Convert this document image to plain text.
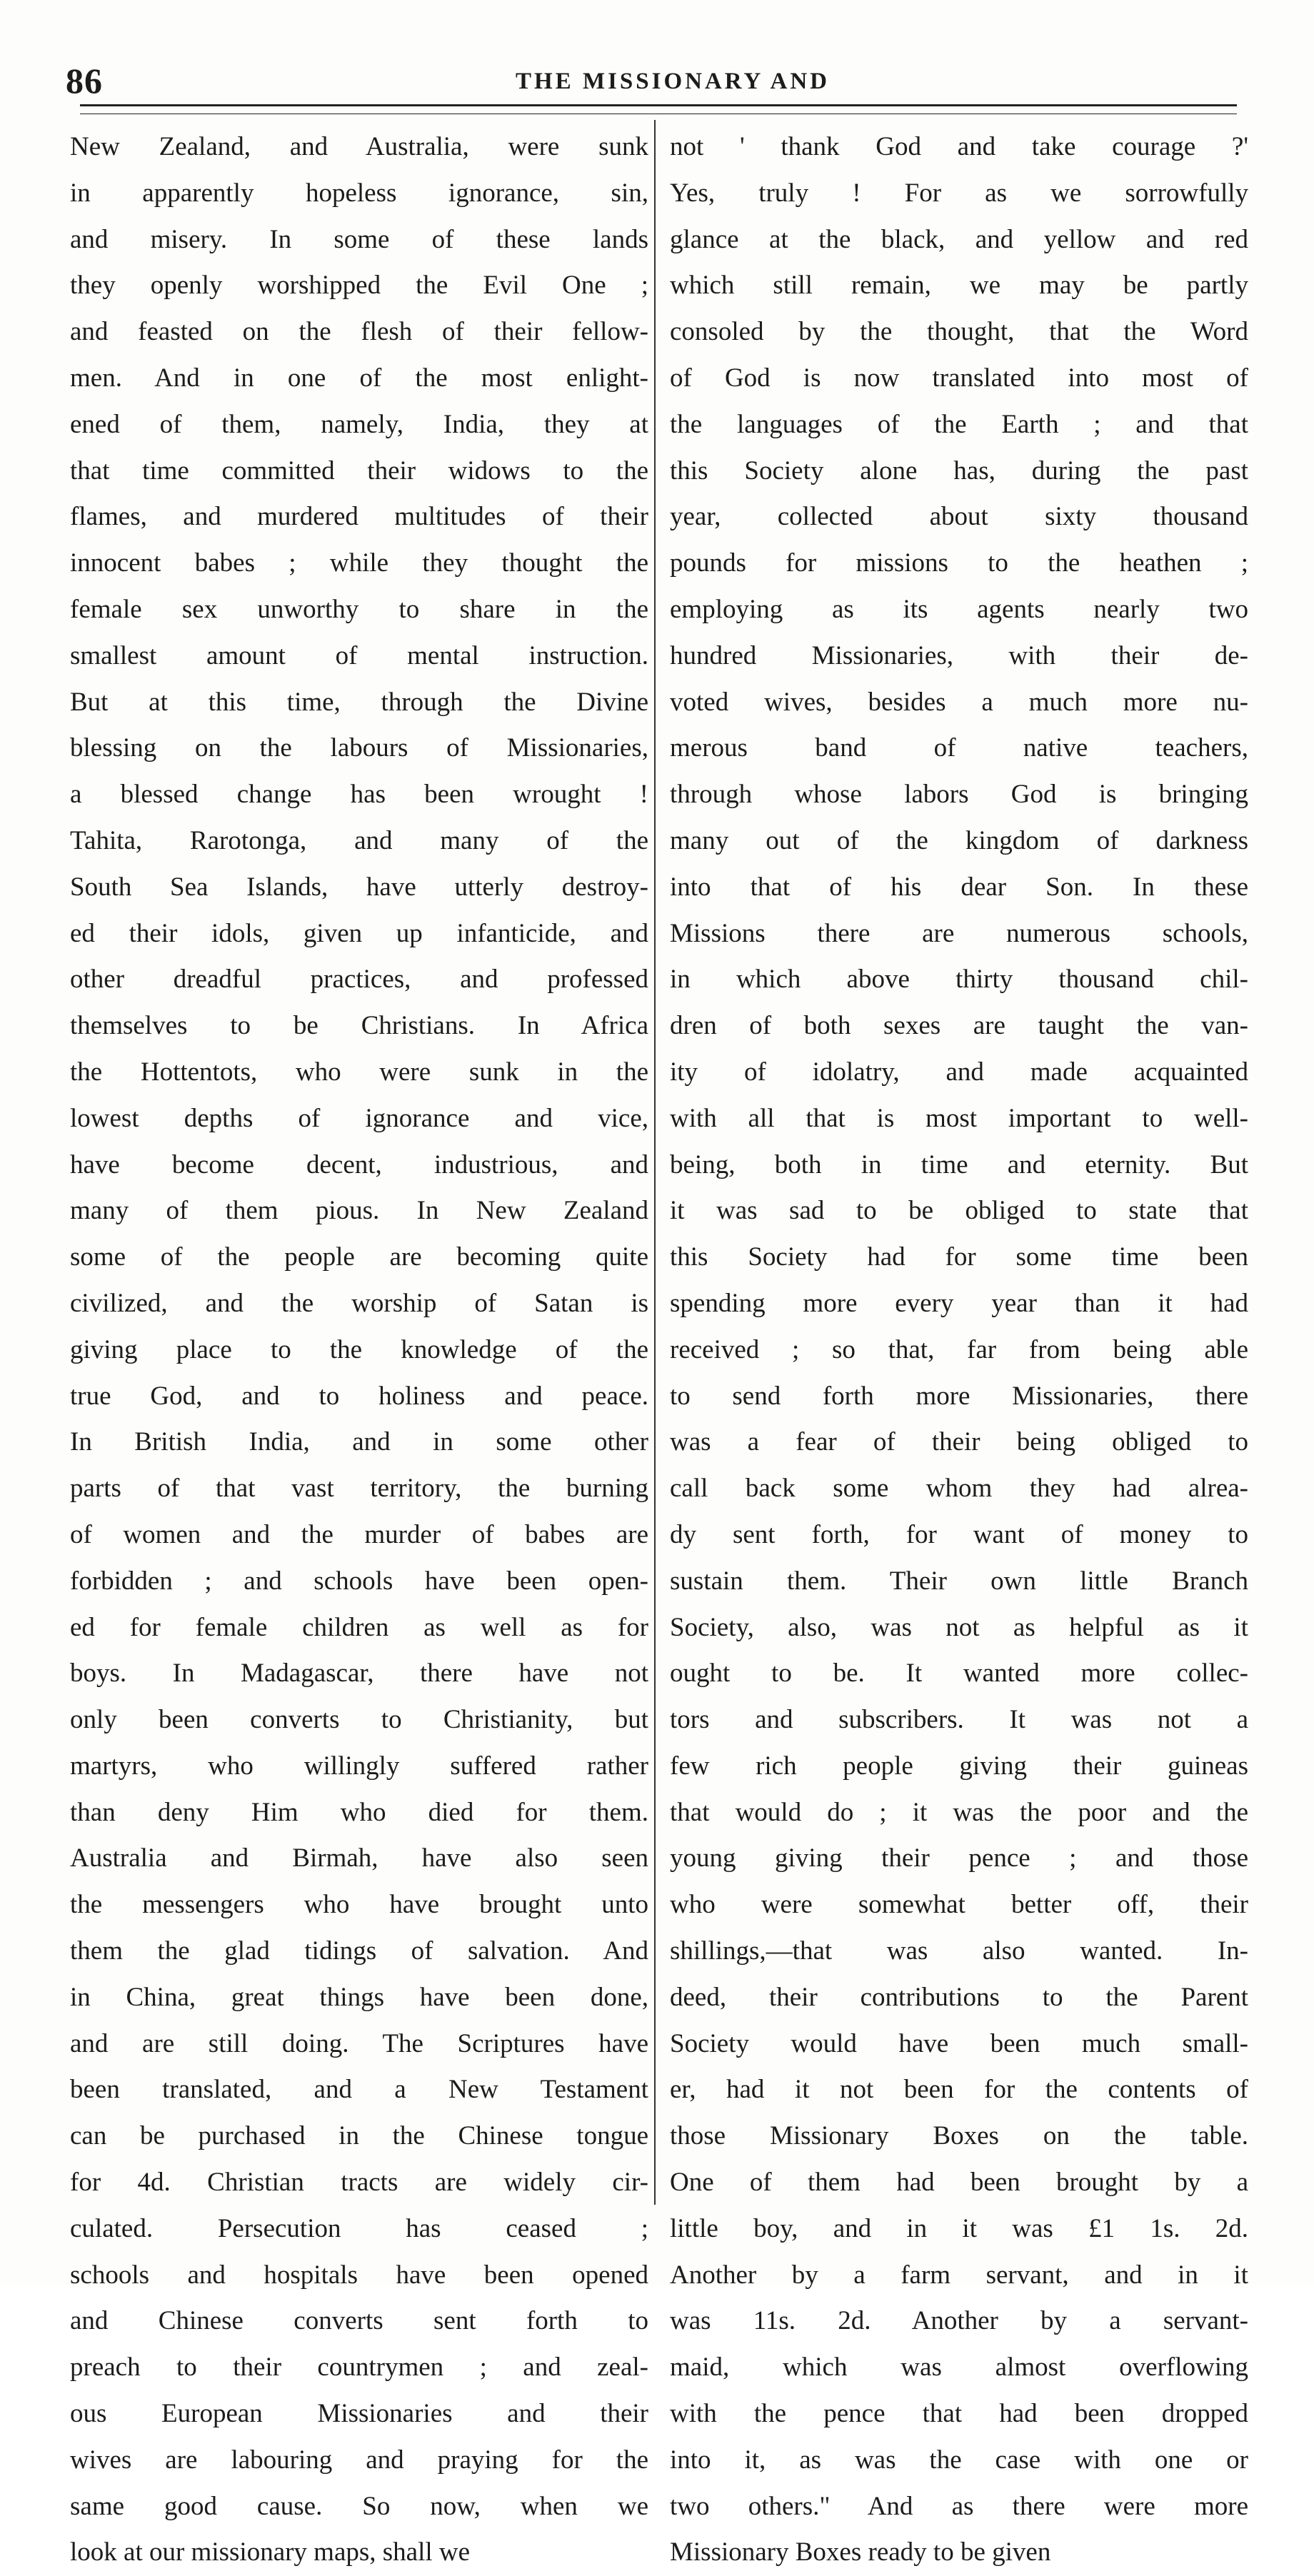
86	THE MISSIONARY AND
New Zealand, and Australia, were sunk
in apparently hopeless ignorance, sin,
and misery. In some of these lands
they openly worshipped the Evil One ;
and feasted on the flesh of their fellow-
men. And in one of the most enlight-
ened of them, namely, India, they at
that time committed their widows to the
flames, and murdered multitudes of their
innocent babes ; while they thought the
female sex unworthy to share in the
smallest amount of mental instruction.
But at this time, through the Divine
blessing on the labours of Missionaries,
a blessed change has been wrought !
Tahita, Rarotonga, and many of the
South Sea Islands, have utterly destroy-
ed their idols, given up infanticide, and
other dreadful practices, and professed
themselves to be Christians. In Africa
the Hottentots, who were sunk in the
lowest depths of ignorance and vice,
have become decent, industrious, and
many of them pious. In New Zealand
some of the people are becoming quite
civilized, and the worship of Satan is
giving place to the knowledge of the
true God, and to holiness and peace.
In British India, and in some other
parts of that vast territory, the burning
of women and the murder of babes are
forbidden ; and schools have been open-
ed for female children as well as for
boys. In Madagascar, there have not
only been converts to Christianity, but
martyrs, who willingly suffered rather
than deny Him who died for them.
Australia and Birmah, have also seen
the messengers who have brought unto
them the glad tidings of salvation. And
in China, great things have been done,
and are still doing. The Scriptures have
been translated, and a New Testament
can be purchased in the Chinese tongue
for 4d. Christian tracts are widely cir-
culated. Persecution has ceased ;
schools and hospitals have been opened
and Chinese converts sent forth to
preach to their countrymen ; and zeal-
ous European Missionaries and their
wives are labouring and praying for the
same good cause. So now, when we
look at our missionary maps, shall we
not ' thank God and take courage ?'
Yes, truly ! For as we sorrowfully
glance at the black, and yellow and red
which still remain, we may be partly
consoled by the thought, that the Word
of God is now translated into most of
the languages of the Earth ; and that
this Society alone has, during the past
year, collected about sixty thousand
pounds for missions to the heathen ;
employing as its agents nearly two
hundred Missionaries, with their de-
voted wives, besides a much more nu-
merous band of native teachers,
through whose labors God is bringing
many out of the kingdom of darkness
into that of his dear Son. In these
Missions there are numerous schools,
in which above thirty thousand chil-
dren of both sexes are taught the van-
ity of idolatry, and made acquainted
with all that is most important to well-
being, both in time and eternity. But
it was sad to be obliged to state that
this Society had for some time been
spending more every year than it had
received ; so that, far from being able
to send forth more Missionaries, there
was a fear of their being obliged to
call back some whom they had alrea-
dy sent forth, for want of money to
sustain them. Their own little Branch
Society, also, was not as helpful as it
ought to be. It wanted more collec-
tors and subscribers. It was not a
few rich people giving their guineas
that would do ; it was the poor and the
young giving their pence ; and those
who were somewhat better off, their
shillings,—that was also wanted. In-
deed, their contributions to the Parent
Society would have been much small-
er, had it not been for the contents of
those Missionary Boxes on the table.
One of them had been brought by a
little boy, and in it was £1 1s. 2d.
Another by a farm servant, and in it
was 11s. 2d. Another by a servant-
maid, which was almost overflowing
with the pence that had been dropped
into it, as was the case with one or
two others." And as there were more
Missionary Boxes ready to be given
